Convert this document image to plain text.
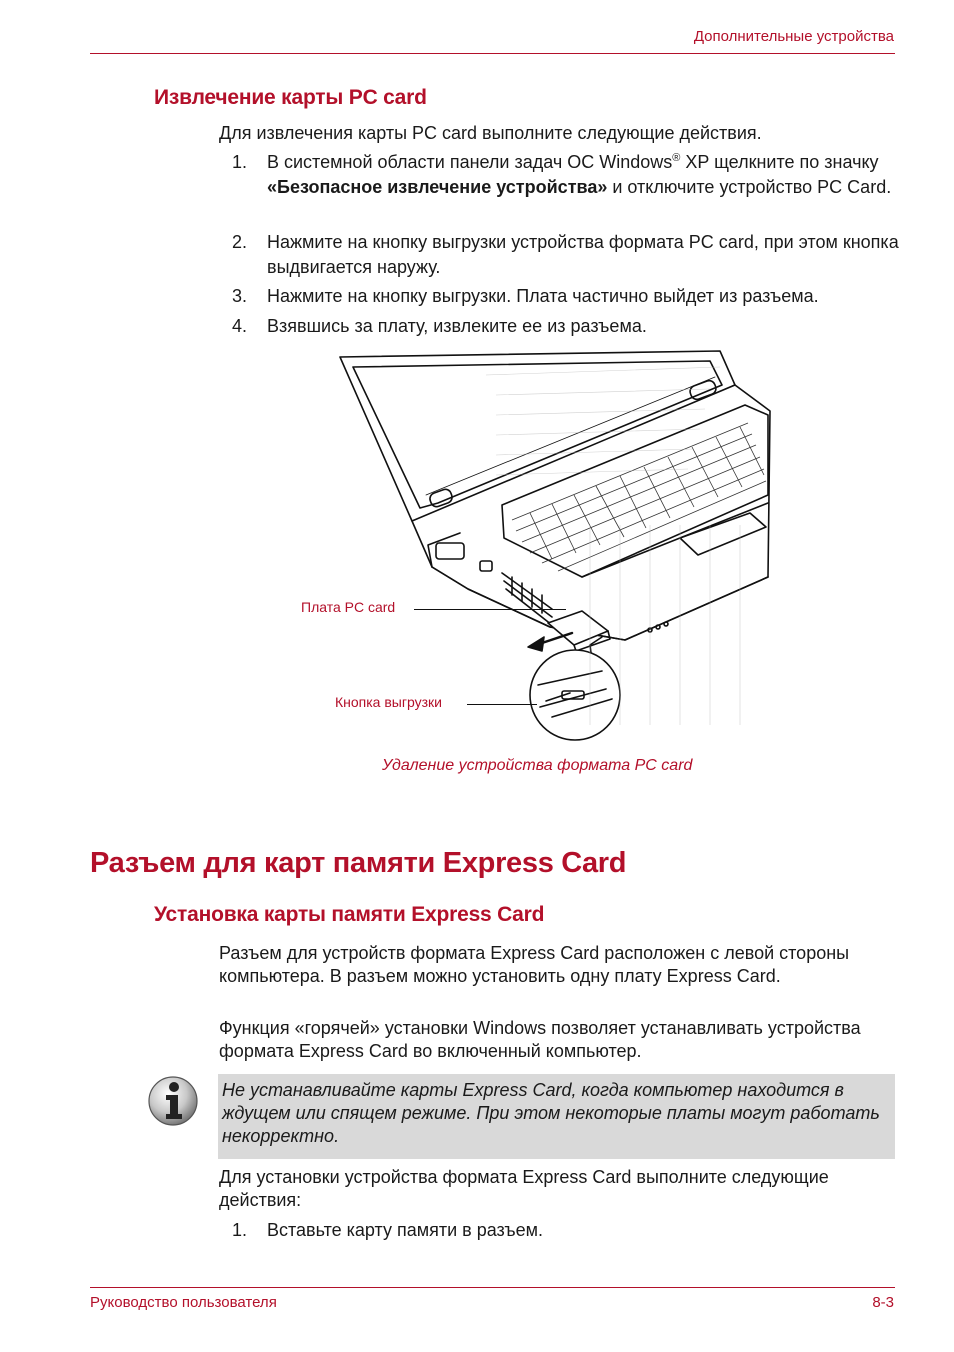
Дополнительные устройства
Извлечение карты PC card
Для извлечения карты PC card выполните следующие действия.
1. В системной области панели задач ОС Windows® XP щелкните по значку «Безопасное извлечение устройства» и отключите устройство PC Card.
2. Нажмите на кнопку выгрузки устройства формата PC card, при этом кнопка выдвигается наружу.
3. Нажмите на кнопку выгрузки. Плата частично выйдет из разъема.
4. Взявшись за плату, извлеките ее из разъема.
Плата PC card
Кнопка выгрузки
Удаление устройства формата PC card
Разъем для карт памяти Express Card
Установка карты памяти Express Card
Разъем для устройств формата Express Card расположен с левой стороны компьютера. В разъем можно установить одну плату Express Card.
Функция «горячей» установки Windows позволяет устанавливать устройства формата Express Card во включенный компьютер.
Не устанавливайте карты Express Card, когда компьютер находится в ждущем или спящем режиме. При этом некоторые платы могут работать некорректно.
Для установки устройства формата Express Card выполните следующие действия:
1. Вставьте карту памяти в разъем.
Руководство пользователя	8-3
